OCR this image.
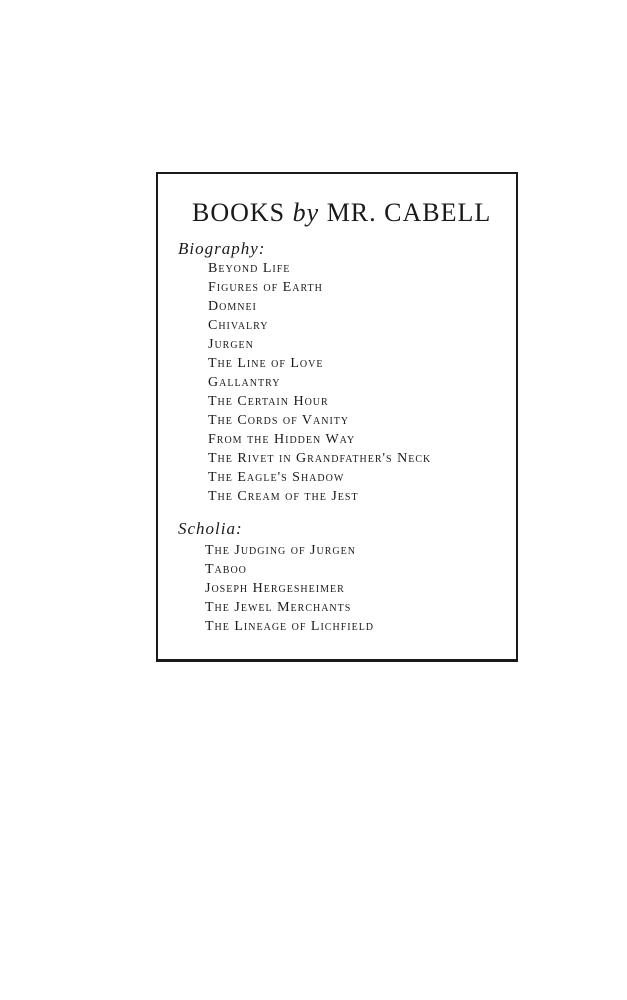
BOOKS by MR. CABELL
Biography:
Beyond Life
Figures of Earth
Domnei
Chivalry
Jurgen
The Line of Love
Gallantry
The Certain Hour
The Cords of Vanity
From the Hidden Way
The Rivet in Grandfather's Neck
The Eagle's Shadow
The Cream of the Jest
Scholia:
The Judging of Jurgen
Taboo
Joseph Hergesheimer
The Jewel Merchants
The Lineage of Lichfield
